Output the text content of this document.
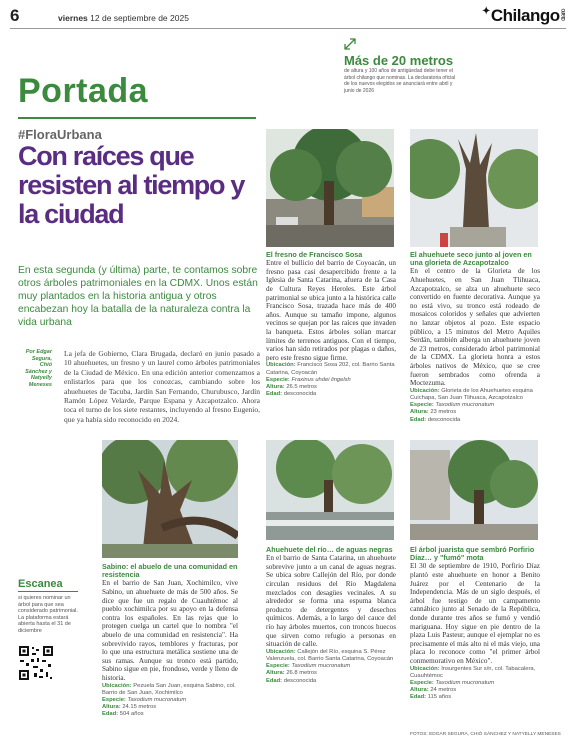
6	viernes 12 de septiembre de 2025
✦Chilangodiario
Más de 20 metros
de altura y 100 años de antigüedad debe tener el árbol chilango que nominas. La declaratoria oficial de los nuevos elegidos se anunciará entre abril y junio de 2026
Portada
#FloraUrbana
Con raíces que resisten al tiempo y la ciudad
En esta segunda (y última) parte, te contamos sobre otros árboles patrimoniales en la CDMX. Unos están muy plantados en la historia antigua y otros encabezan hoy la batalla de la naturaleza contra la vida urbana
Por Edgar Segura, Chió Sánchez y Natyelly Meneses
La jefa de Gobierno, Clara Brugada, declaró en junio pasado a 10 ahuehuetes, un fresno y un laurel como árboles patrimoniales de la Ciudad de México. En una edición anterior comenzamos a enlistarlos para que los conozcas, cambiando sobre los ahuehuetes de Tacuba, Jardín San Fernando, Churubusco, Jardín Ramón López Velarde, Parque Espana y Azcapotzalco. Ahora toca el turno de los siete restantes, incluyendo al fresno Eugenio, que ya había sido reconocido en 2024.
El fresno de Francisco Sosa
Entre el bullicio del barrio de Coyoacán, un fresno pasa casi desapercibido frente a la Iglesia de Santa Catarina, afuera de la Casa de Cultura Reyes Heroles. Este árbol patrimonial se ubica junto a la histórica calle Francisco Sosa, trazada hace más de 400 años. Aunque su tamaño impone, algunos vecinos se quejan por las raíces que invaden la banqueta. Estos árboles solían marcar límites de terrenos antiguos. Con el tiempo, varios han sido retirados por plagas o daños, pero este fresno sigue firme.
Ubicación: Francisco Sosa 202, col. Barrio Santa Catarina, Coyoacán
Especie: Fraxinus uhdei lingelsh
Altura: 26.5 metros
Edad: desconocida
El ahuehuete seco junto al joven en una glorieta de Azcapotzalco
En el centro de la Glorieta de los Ahuehuetes, en San Juan Tlihuaca, Azcapotzalco, se alza un ahuehuete seco convertido en fuente decorativa. Aunque ya no está vivo, su tronco está rodeado de mosaicos coloridos y señales que advierten no lanzar objetos al pozo. Este espacio público, a 15 minutos del Metro Aquiles Serdán, también alberga un ahuehuete joven de 23 metros, considerado árbol patrimonial de la CDMX. La glorieta honra a estos árboles nativos de México, que se cree fueron sembrados como ofrenda a Moctezuma.
Ubicación: Glorieta de los Ahuehuetes esquina Cuichapa, San Juan Tlihuaca, Azcapotzalco
Especie: Taxodium mucronatum
Altura: 23 metros
Edad: desconocida
Sabino: el abuelo de una comunidad en resistencia
En el barrio de San Juan, Xochimilco, vive Sabino, un ahuehuete de más de 500 años. Se dice que fue un regalo de Cuauhtémoc al pueblo xochimilca por su apoyo en la defensa contra los españoles. En las rejas que lo protegen cuelga un cartel que lo nombra "el abuelo de una comunidad en resistencia". Ha sobrevivido rayos, temblores y fracturas, por lo que una estructura metálica sostiene una de sus ramas. Aunque su tronco está partido, Sabino sigue en pie, frondoso, verde y lleno de historia.
Ubicación: Pezuela San Juan, esquina Sabino, col. Barrio de San Juan, Xochimilco
Especie: Taxodium mucronatum
Altura: 24.15 metros
Edad: 504 años
Ahuehuete del río… de aguas negras
En el barrio de Santa Catarina, un ahuehuete sobrevive junto a un canal de aguas negras. Se ubica sobre Callejón del Río, por donde circulan residuos del Río Magdalena mezclados con desagües vecinales. A su alrededor se forma una espuma blanca producto de detergentes y desechos químicos. Además, a lo largo del cauce del río hay árboles muertos, con troncos huecos que sirven como refugio a personas en situación de calle.
Ubicación: Callejón del Río, esquina S. Pérez Valenzuela, col. Barrio Santa Catarina, Coyoacán
Especie: Taxodium mucronatum
Altura: 26.8 metros
Edad: desconocida
El árbol juarista que sembró Porfirio Díaz… y "fumó" mota
El 30 de septiembre de 1910, Porfirio Díaz plantó este ahuehuete en honor a Benito Juárez por el Centenario de la Independencia. Más de un siglo después, el árbol fue testigo de un campamento cannábico junto al Senado de la República, donde durante tres años se fumó y vendió mariguana. Hoy sigue en pie dentro de la plaza Luis Pasteur, aunque el ejemplar no es precisamente el más alto ni el más viejo, una placa lo reconoce como "el primer árbol conmemorativo en México".
Ubicación: Insurgentes Sur s/n, col. Tabacalera, Cuauhtémoc
Especie: Taxodium mucronatum
Altura: 24 metros
Edad: 115 años
Escanea
si quieres nominar un árbol para que sea considerado patrimonial. La plataforma estará abierta hasta el 31 de diciembre
FOTOS: EDGAR SEGURA, CHIÓ SÁNCHEZ Y NATYELLY MENESES
